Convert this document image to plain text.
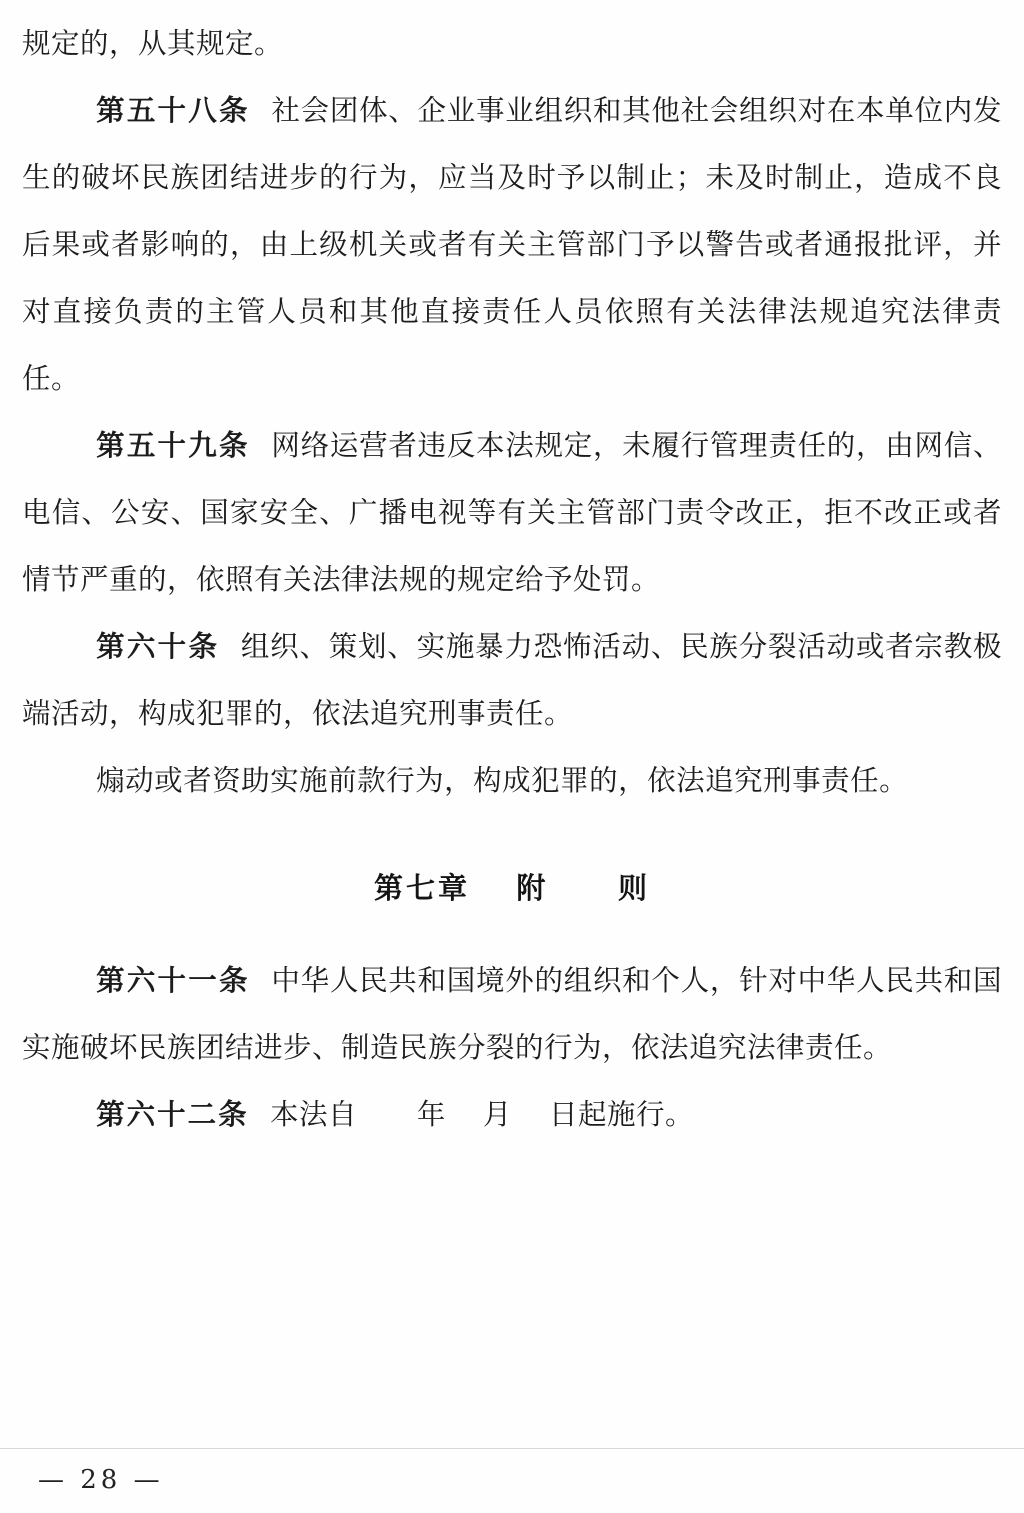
规定的，从其规定。

第五十八条 社会团体、企业事业组织和其他社会组织对在本单位内发生的破坏民族团结进步的行为，应当及时予以制止；未及时制止，造成不良后果或者影响的，由上级机关或者有关主管部门予以警告或者通报批评，并对直接负责的主管人员和其他直接责任人员依照有关法律法规追究法律责任。

第五十九条 网络运营者违反本法规定，未履行管理责任的，由网信、电信、公安、国家安全、广播电视等有关主管部门责令改正，拒不改正或者情节严重的，依照有关法律法规的规定给予处罚。

第六十条 组织、策划、实施暴力恐怖活动、民族分裂活动或者宗教极端活动，构成犯罪的，依法追究刑事责任。

煽动或者资助实施前款行为，构成犯罪的，依法追究刑事责任。

第七章 附 则

第六十一条 中华人民共和国境外的组织和个人，针对中华人民共和国实施破坏民族团结进步、制造民族分裂的行为，依法追究法律责任。

第六十二条 本法自 年 月 日起施行。

— 28 —
